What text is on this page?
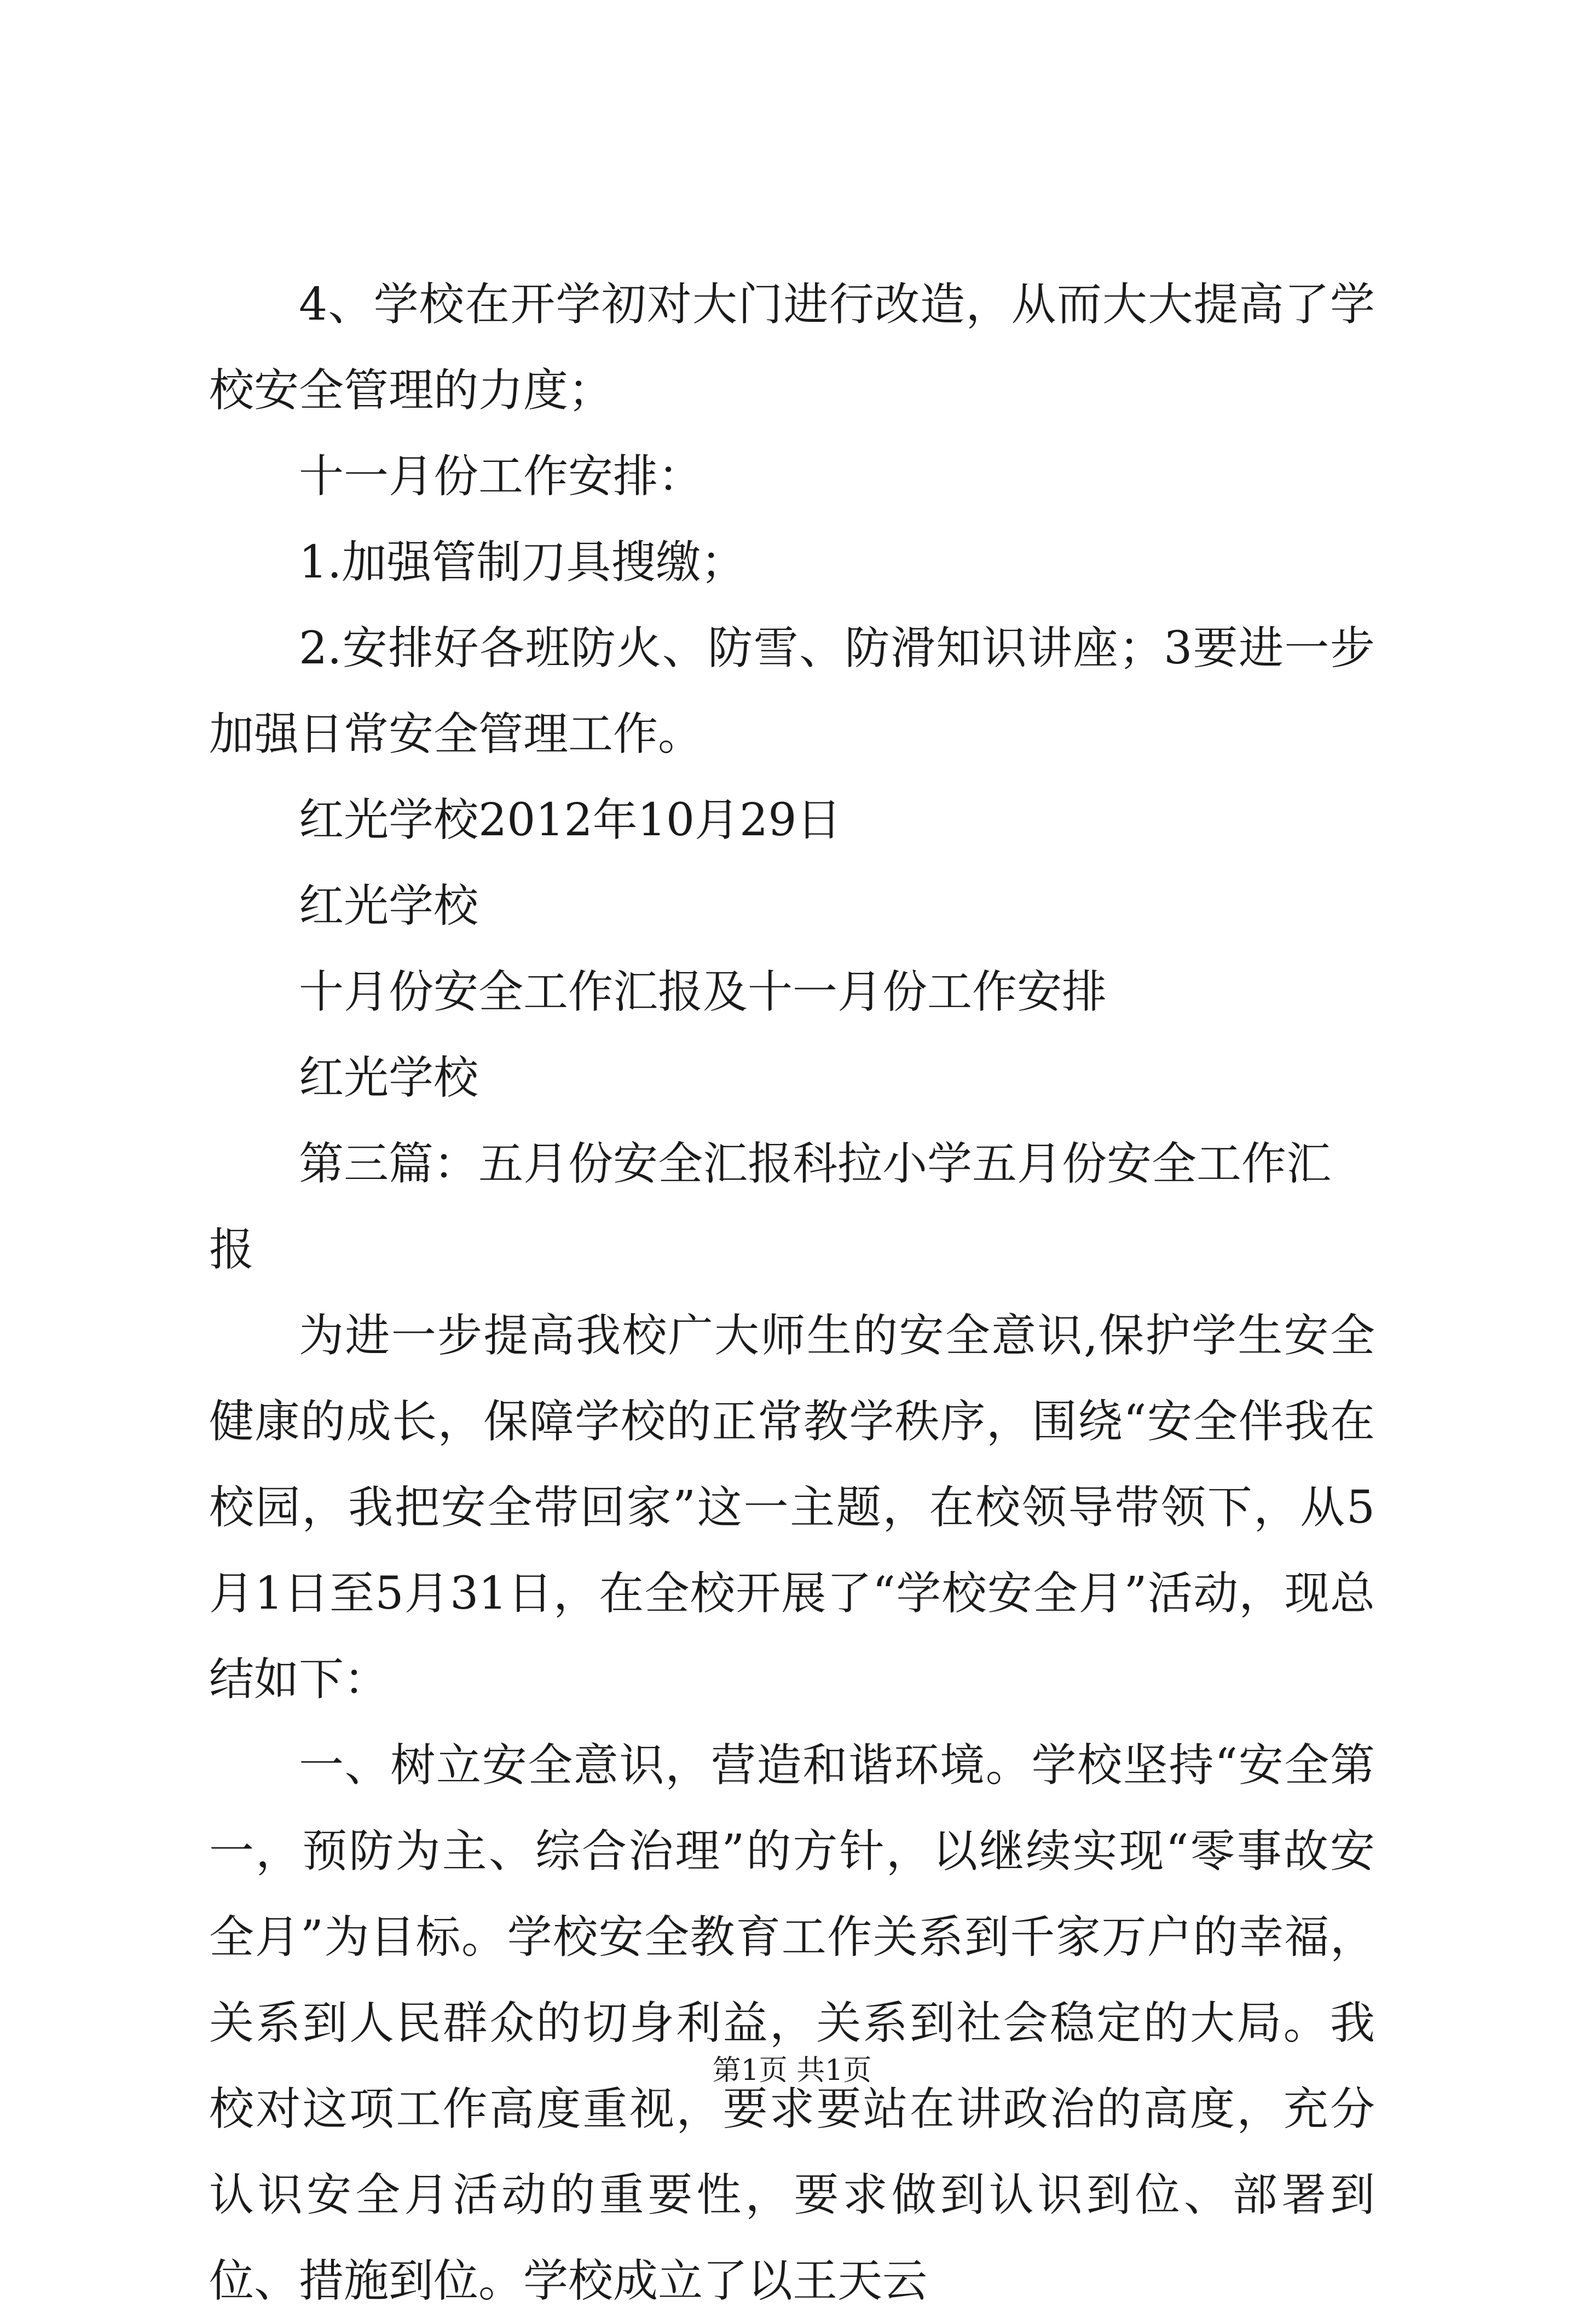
4、学校在开学初对大门进行改造，从而大大提高了学校安全管理的力度；

十一月份工作安排：

1.加强管制刀具搜缴；

2.安排好各班防火、防雪、防滑知识讲座；3要进一步加强日常安全管理工作。

红光学校2012年10月29日

红光学校

十月份安全工作汇报及十一月份工作安排

红光学校

第三篇：五月份安全汇报科拉小学五月份安全工作汇报

为进一步提高我校广大师生的安全意识,保护学生安全健康的成长，保障学校的正常教学秩序，围绕“安全伴我在校园，我把安全带回家”这一主题，在校领导带领下，从5月1日至5月31日，在全校开展了“学校安全月”活动，现总结如下：

一、树立安全意识，营造和谐环境。学校坚持“安全第一，预防为主、综合治理”的方针，以继续实现“零事故安全月”为目标。学校安全教育工作关系到千家万户的幸福，关系到人民群众的切身利益，关系到社会稳定的大局。我校对这项工作高度重视，要求要站在讲政治的高度，充分认识安全月活动的重要性，要求做到认识到位、部署到位、措施到位。学校成立了以王天云

第1页 共1页
